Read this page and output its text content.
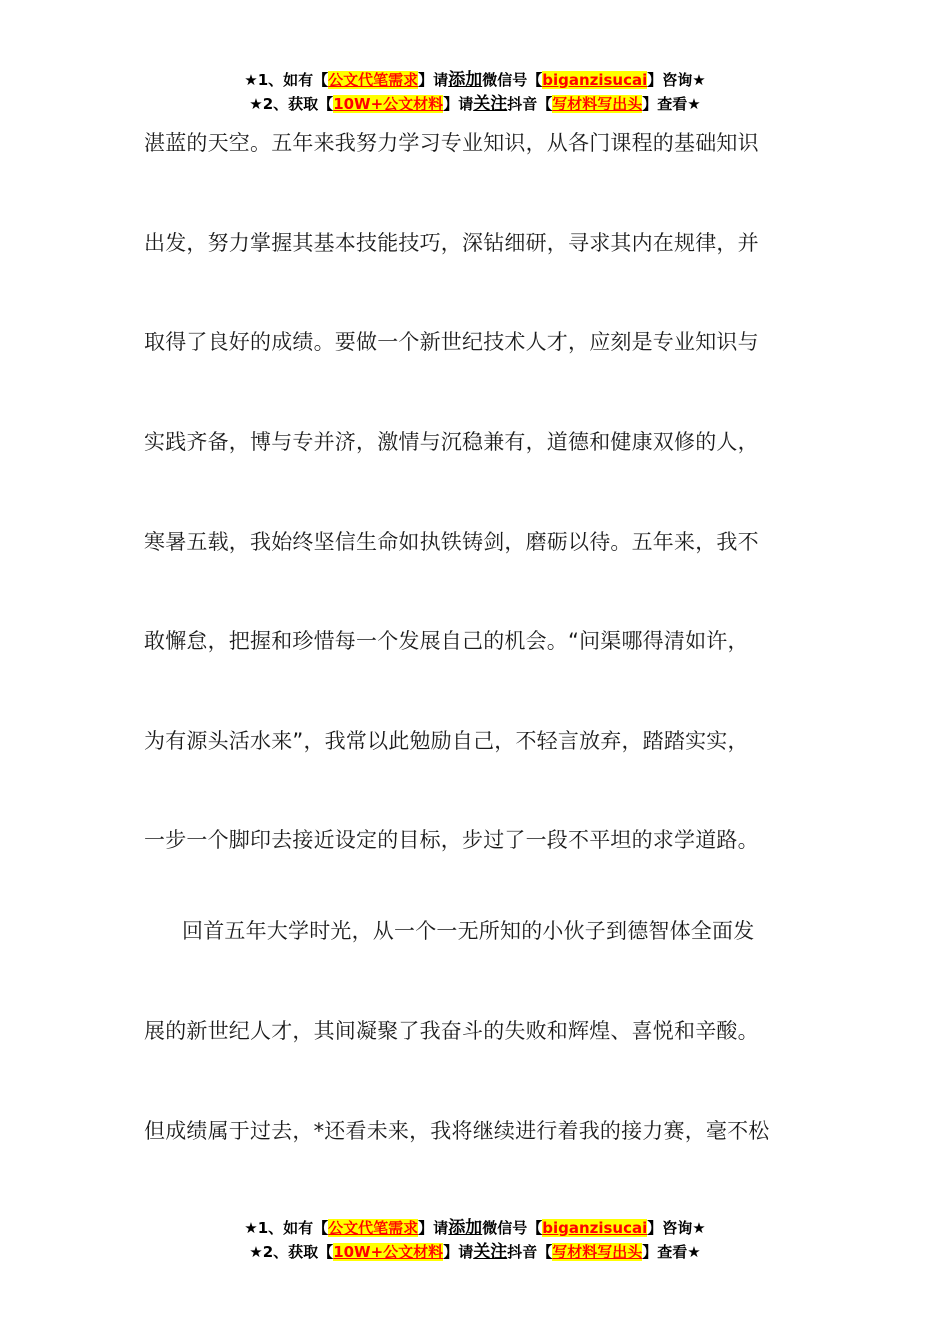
★1、如有【公文代笔需求】请添加微信号【biganzisucai】咨询★
★2、获取【10W+公文材料】请关注抖音【写材料写出头】查看★
湛蓝的天空。五年来我努力学习专业知识，从各门课程的基础知识
出发，努力掌握其基本技能技巧，深钻细研，寻求其内在规律，并
取得了良好的成绩。要做一个新世纪技术人才，应刻是专业知识与
实践齐备，博与专并济，激情与沉稳兼有，道德和健康双修的人，
寒暑五载，我始终坚信生命如执铁铸剑，磨砺以待。五年来，我不
敢懈怠，把握和珍惜每一个发展自己的机会。“问渠哪得清如许，
为有源头活水来”，我常以此勉励自己，不轻言放弃，踏踏实实，
一步一个脚印去接近设定的目标，步过了一段不平坦的求学道路。
回首五年大学时光，从一个一无所知的小伙子到德智体全面发
展的新世纪人才，其间凝聚了我奋斗的失败和辉煌、喜悦和辛酸。
但成绩属于过去，*还看未来，我将继续进行着我的接力赛，毫不松
★1、如有【公文代笔需求】请添加微信号【biganzisucai】咨询★
★2、获取【10W+公文材料】请关注抖音【写材料写出头】查看★
